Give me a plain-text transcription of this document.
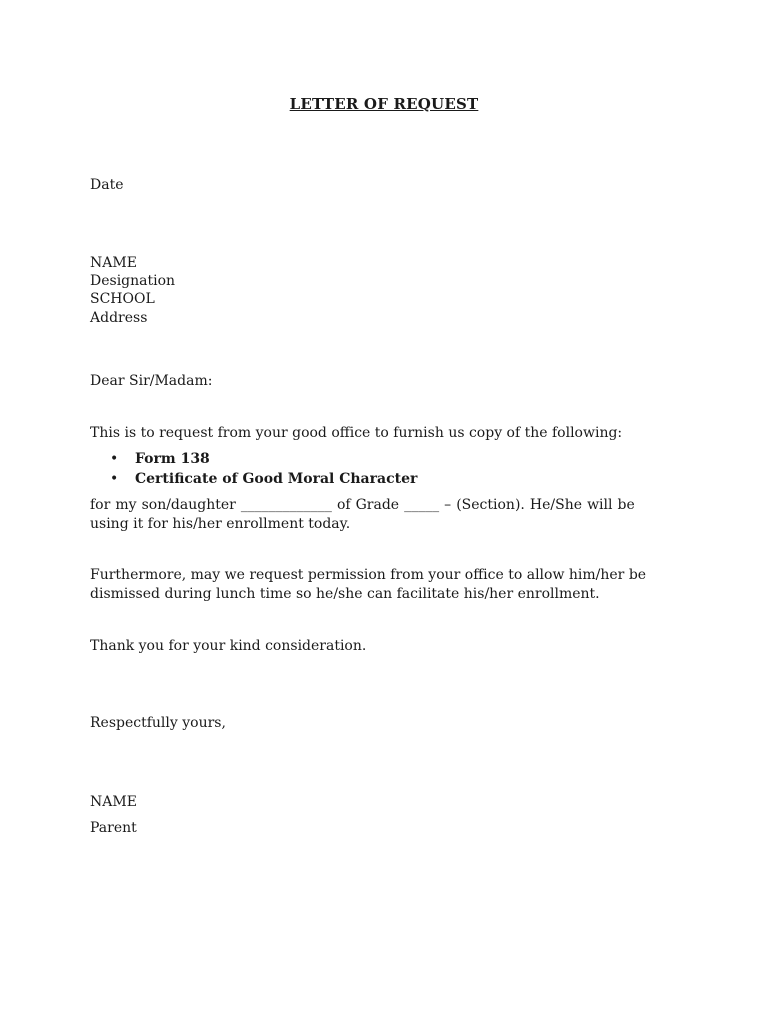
LETTER OF REQUEST
Date
NAME
Designation
SCHOOL
Address
Dear Sir/Madam:
This is to request from your good office to furnish us copy of the following:
• Form 138
• Certificate of Good Moral Character
for my son/daughter _____________ of Grade _____ – (Section). He/She will be
using it for his/her enrollment today.
Furthermore, may we request permission from your office to allow him/her be
dismissed during lunch time so he/she can facilitate his/her enrollment.
Thank you for your kind consideration.
Respectfully yours,
NAME
Parent
